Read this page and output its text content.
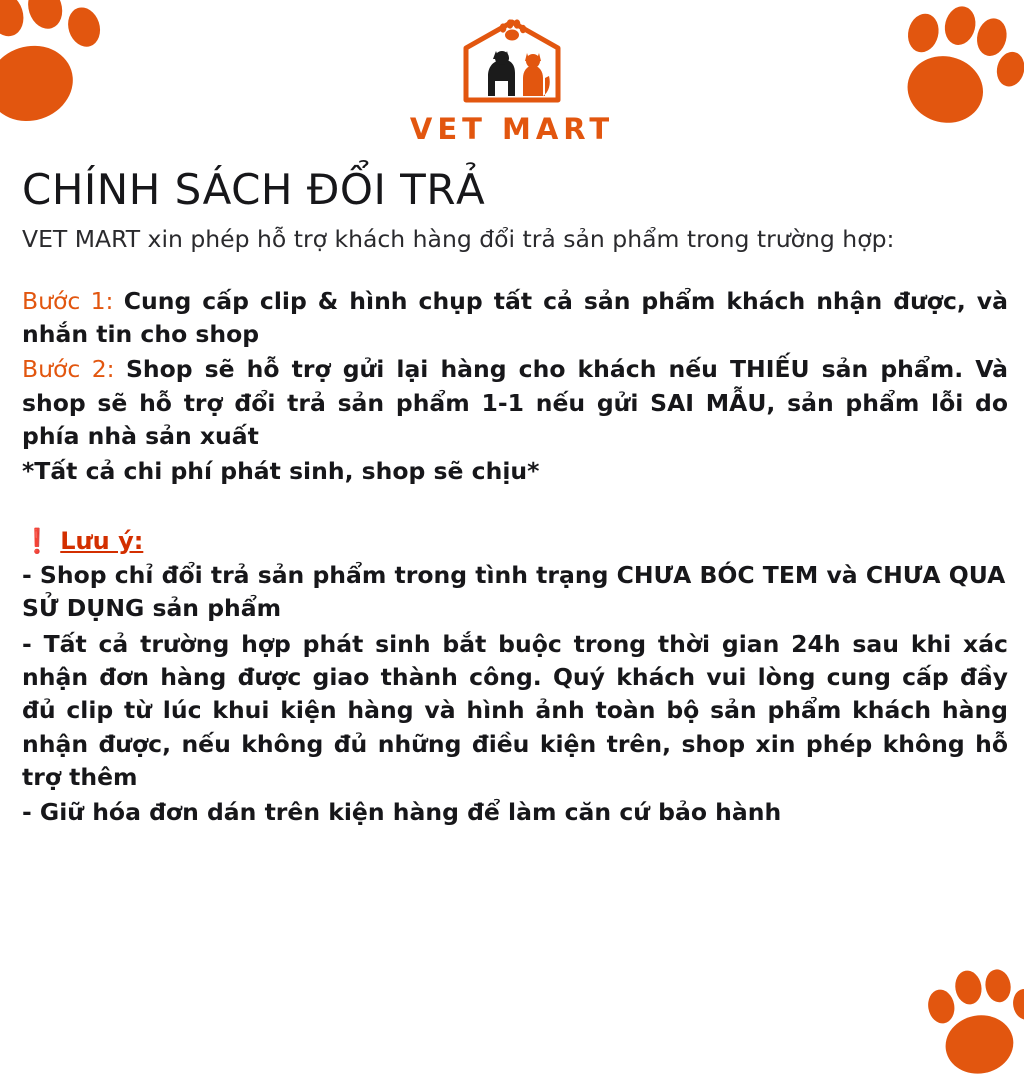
VET MART
CHÍNH SÁCH ĐỔI TRẢ
VET MART xin phép hỗ trợ khách hàng đổi trả sản phẩm trong trường hợp:
Bước 1: Cung cấp clip & hình chụp tất cả sản phẩm khách nhận được, và nhắn tin cho shop
Bước 2: Shop sẽ hỗ trợ gửi lại hàng cho khách nếu THIẾU sản phẩm. Và shop sẽ hỗ trợ đổi trả sản phẩm 1-1 nếu gửi SAI MẪU, sản phẩm lỗi do phía nhà sản xuất
*Tất cả chi phí phát sinh, shop sẽ chịu*
❗ Lưu ý:
- Shop chỉ đổi trả sản phẩm trong tình trạng CHƯA BÓC TEM và CHƯA QUA SỬ DỤNG sản phẩm
- Tất cả trường hợp phát sinh bắt buộc trong thời gian 24h sau khi xác nhận đơn hàng được giao thành công. Quý khách vui lòng cung cấp đầy đủ clip từ lúc khui kiện hàng và hình ảnh toàn bộ sản phẩm khách hàng nhận được, nếu không đủ những điều kiện trên, shop xin phép không hỗ trợ thêm
- Giữ hóa đơn dán trên kiện hàng để làm căn cứ bảo hành
